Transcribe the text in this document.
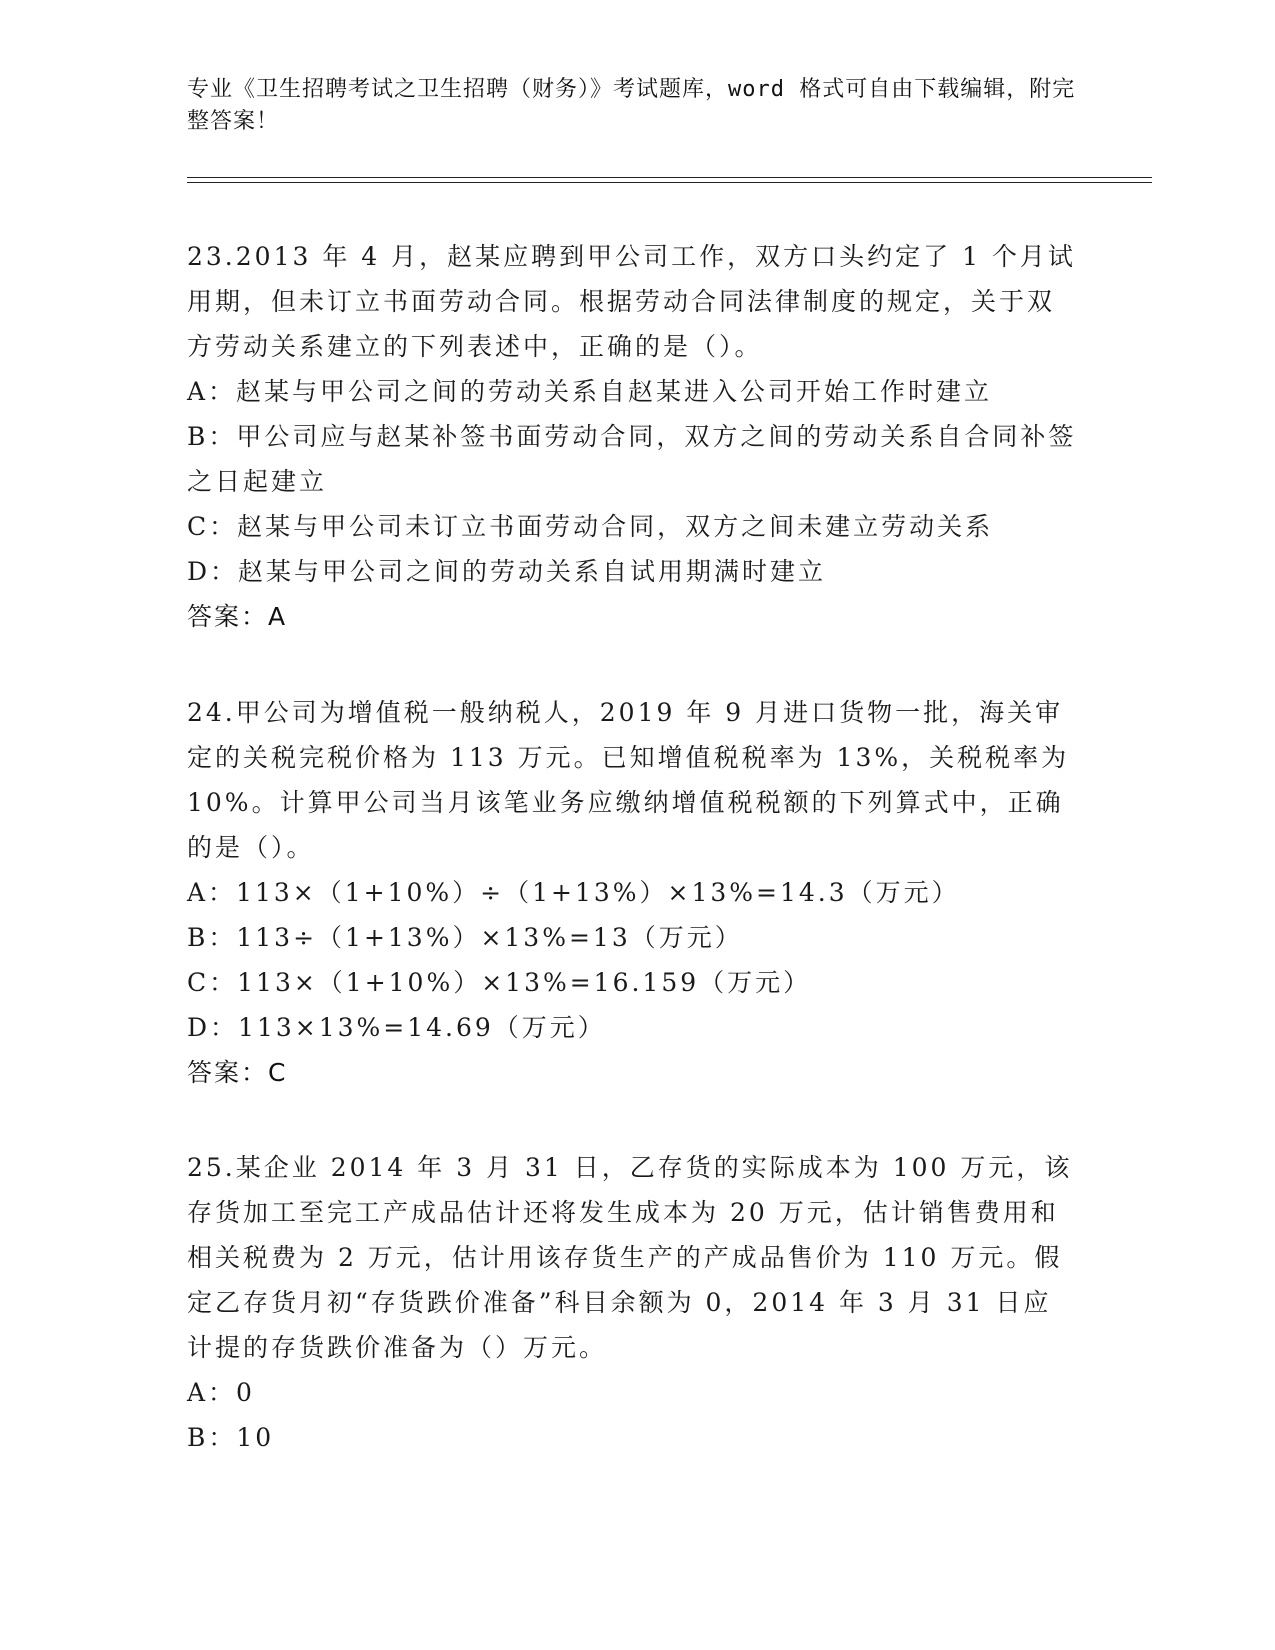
专业《卫生招聘考试之卫生招聘（财务）》考试题库，word 格式可自由下载编辑，附完整答案！

23.2013 年 4 月，赵某应聘到甲公司工作，双方口头约定了 1 个月试用期，但未订立书面劳动合同。根据劳动合同法律制度的规定，关于双方劳动关系建立的下列表述中，正确的是（）。

A：赵某与甲公司之间的劳动关系自赵某进入公司开始工作时建立

B：甲公司应与赵某补签书面劳动合同，双方之间的劳动关系自合同补签之日起建立

C：赵某与甲公司未订立书面劳动合同，双方之间未建立劳动关系

D：赵某与甲公司之间的劳动关系自试用期满时建立

答案：A

24.甲公司为增值税一般纳税人，2019 年 9 月进口货物一批，海关审定的关税完税价格为 113 万元。已知增值税税率为 13%，关税税率为 10%。计算甲公司当月该笔业务应缴纳增值税税额的下列算式中，正确的是（）。

A：113×（1+10%）÷（1+13%）×13%=14.3（万元）

B：113÷（1+13%）×13%=13（万元）

C：113×（1+10%）×13%=16.159（万元）

D：113×13%=14.69（万元）

答案：C

25.某企业 2014 年 3 月 31 日，乙存货的实际成本为 100 万元，该存货加工至完工产成品估计还将发生成本为 20 万元，估计销售费用和相关税费为 2 万元，估计用该存货生产的产成品售价为 110 万元。假定乙存货月初“存货跌价准备”科目余额为 0，2014 年 3 月 31 日应计提的存货跌价准备为（）万元。

A：0

B：10
